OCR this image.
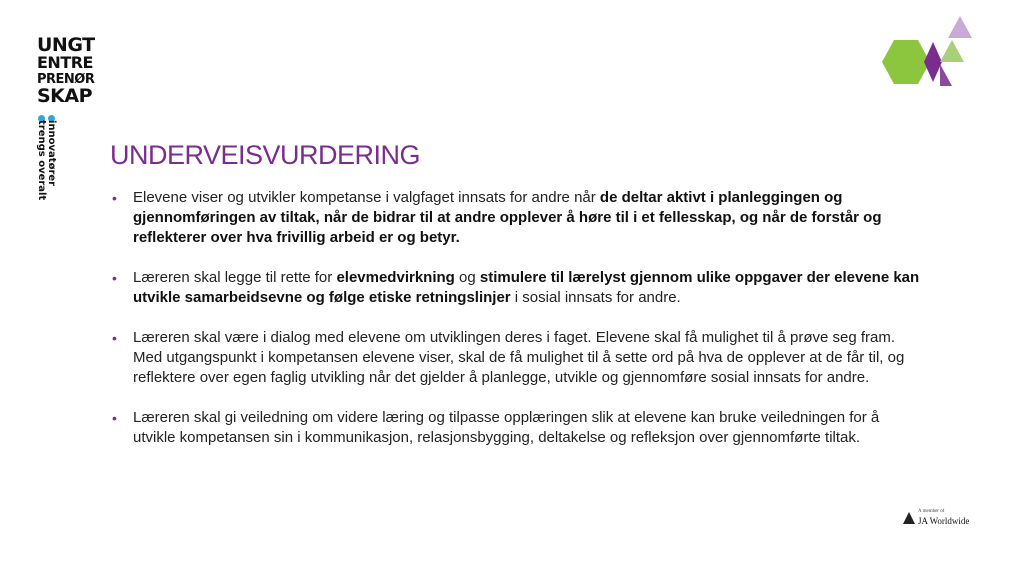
UNGT
ENTRE
PRENØR
SKAP
innovatører
trengs overalt UNDERVEISVURDERING
• Elevene viser og utvikler kompetanse i valgfaget innsats for andre når de deltar aktivt i planleggingen og gjennomføringen av tiltak, når de bidrar til at andre opplever å høre til i et fellesskap, og når de forstår og reflekterer over hva frivillig arbeid er og betyr.
• Læreren skal legge til rette for elevmedvirkning og stimulere til lærelyst gjennom ulike oppgaver der elevene kan utvikle samarbeidsevne og følge etiske retningslinjer i sosial innsats for andre.
• Læreren skal være i dialog med elevene om utviklingen deres i faget. Elevene skal få mulighet til å prøve seg fram. Med utgangspunkt i kompetansen elevene viser, skal de få mulighet til å sette ord på hva de opplever at de får til, og reflektere over egen faglig utvikling når det gjelder å planlegge, utvikle og gjennomføre sosial innsats for andre.
• Læreren skal gi veiledning om videre læring og tilpasse opplæringen slik at elevene kan bruke veiledningen for å utvikle kompetansen sin i kommunikasjon, relasjonsbygging, deltakelse og refleksjon over gjennomførte tiltak.
A member of
JA Worldwide
